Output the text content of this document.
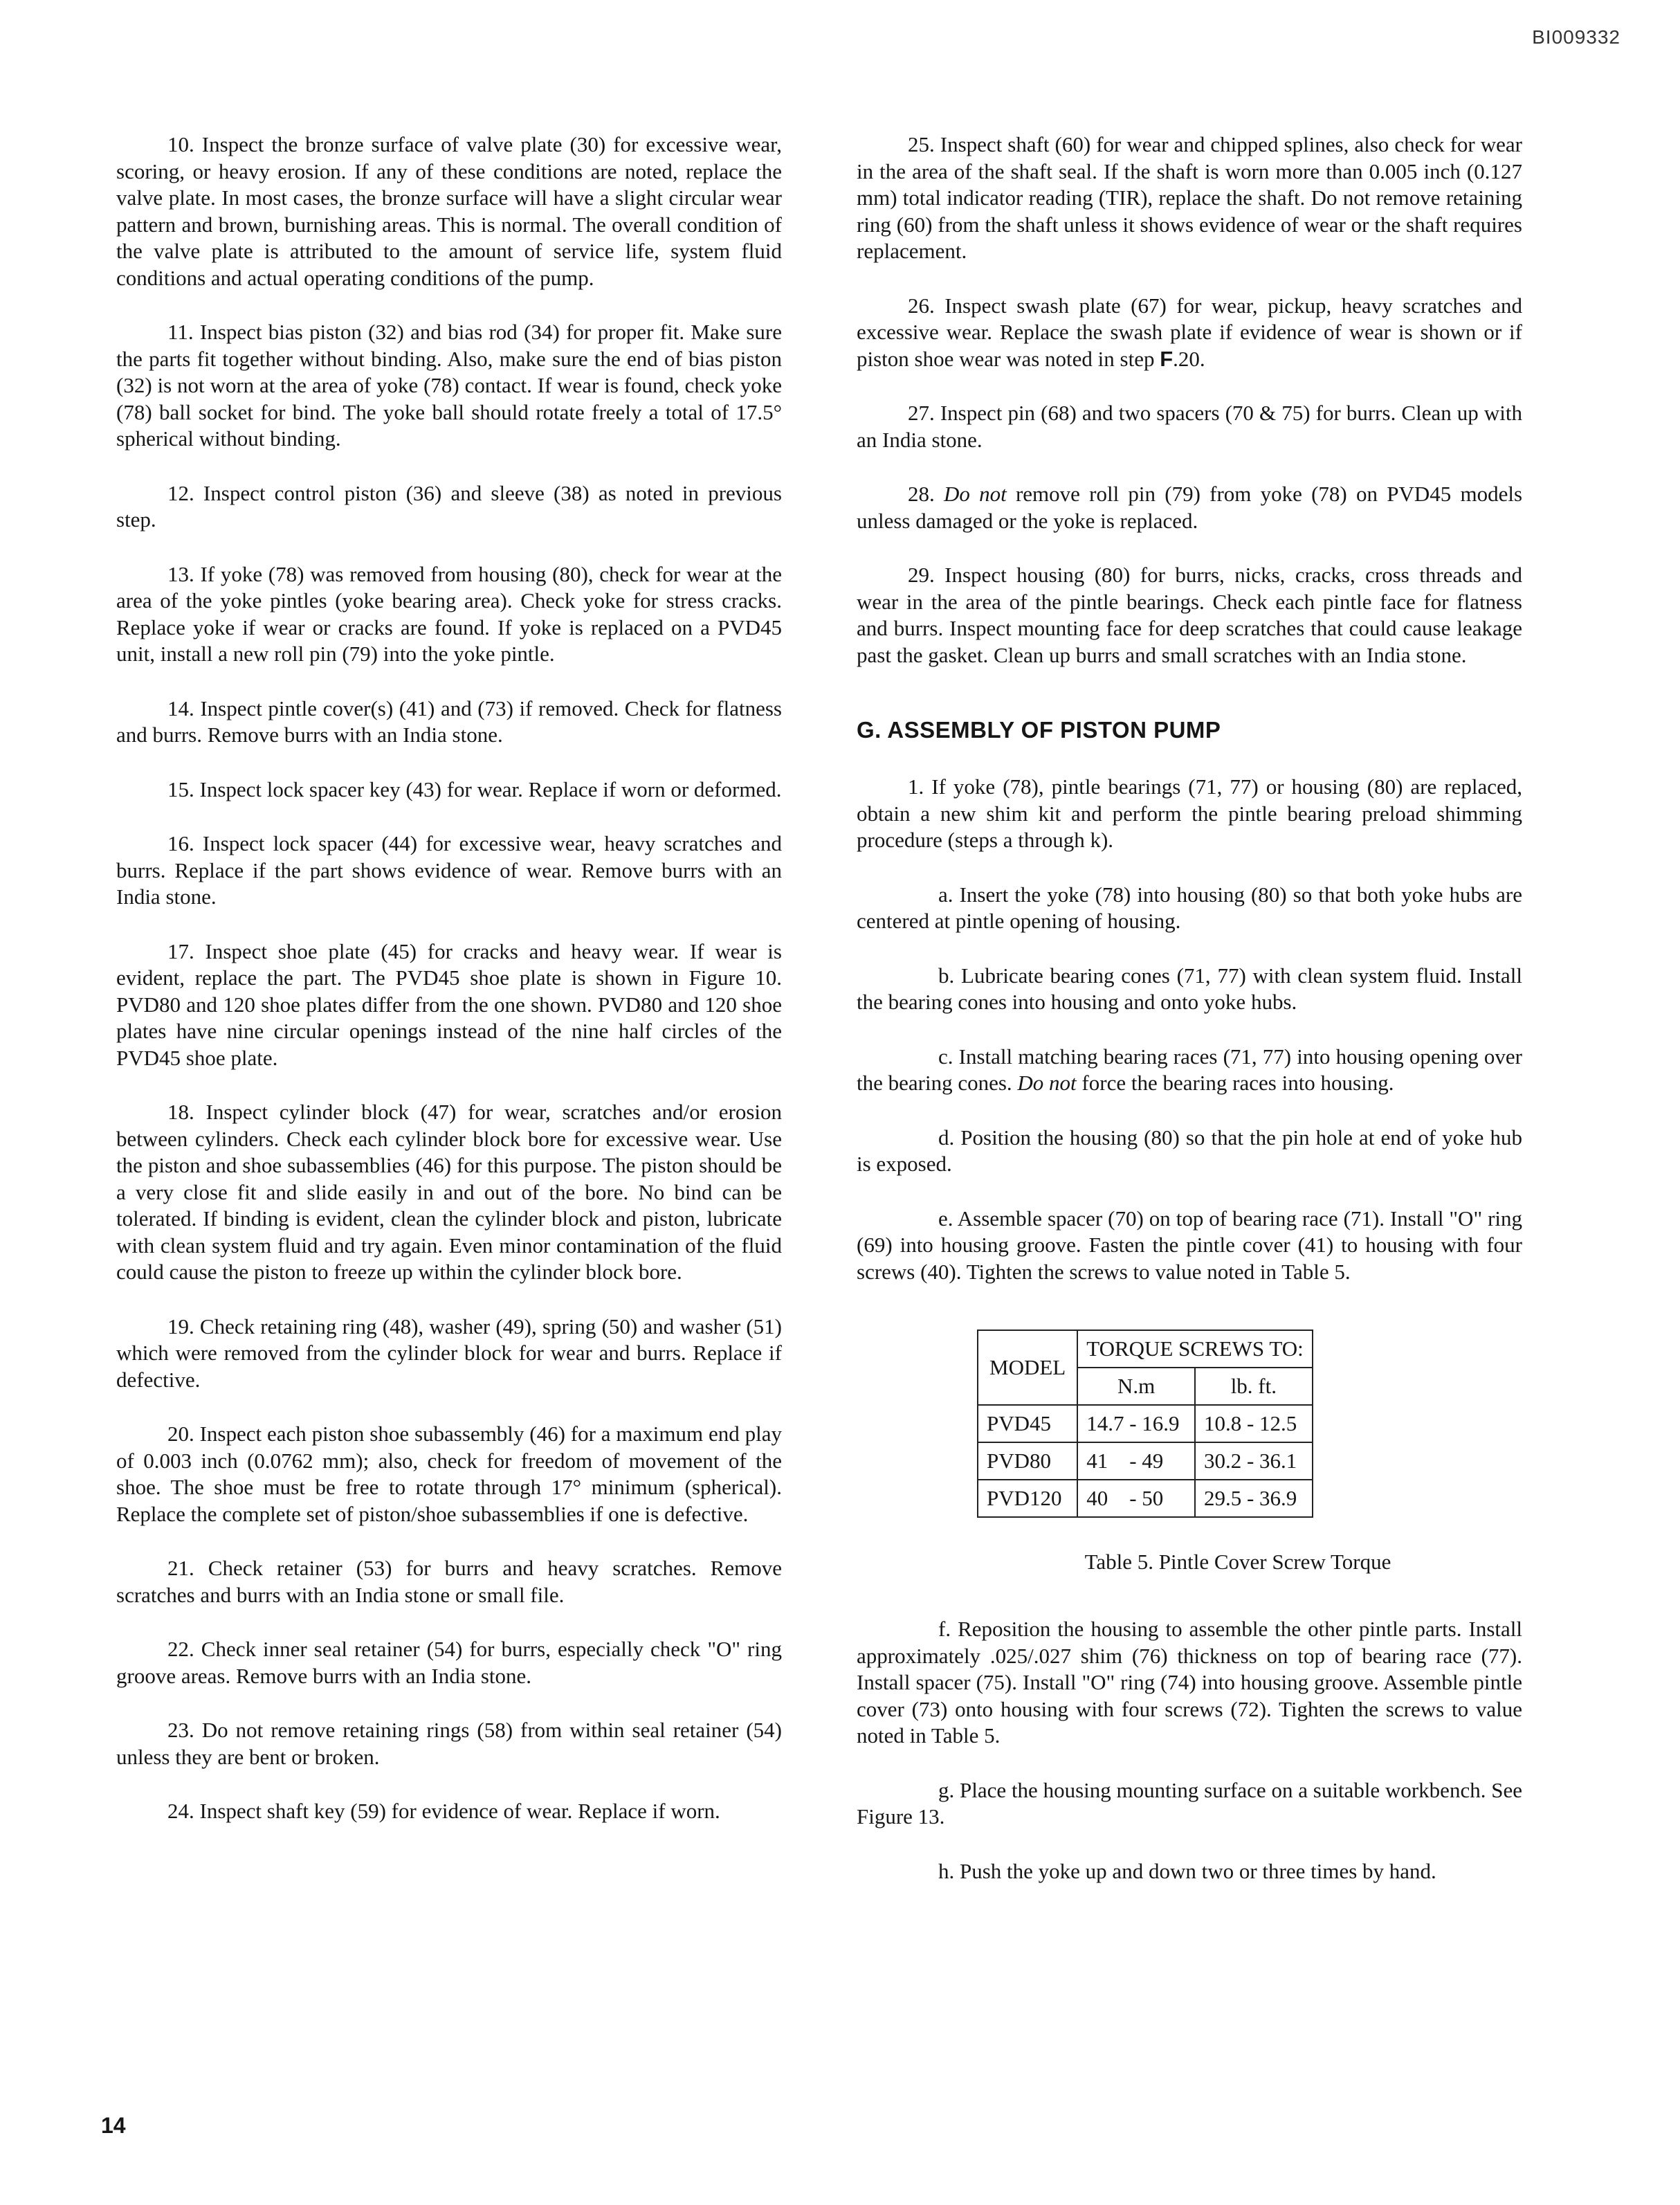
BI009332

10. Inspect the bronze surface of valve plate (30) for excessive wear, scoring, or heavy erosion. If any of these conditions are noted, replace the valve plate. In most cases, the bronze surface will have a slight circular wear pattern and brown, burnishing areas. This is normal. The overall condition of the valve plate is attributed to the amount of service life, system fluid conditions and actual operating conditions of the pump.

11. Inspect bias piston (32) and bias rod (34) for proper fit. Make sure the parts fit together without binding. Also, make sure the end of bias piston (32) is not worn at the area of yoke (78) contact. If wear is found, check yoke (78) ball socket for bind. The yoke ball should rotate freely a total of 17.5° spherical without binding.

12. Inspect control piston (36) and sleeve (38) as noted in previous step.

13. If yoke (78) was removed from housing (80), check for wear at the area of the yoke pintles (yoke bearing area). Check yoke for stress cracks. Replace yoke if wear or cracks are found. If yoke is replaced on a PVD45 unit, install a new roll pin (79) into the yoke pintle.

14. Inspect pintle cover(s) (41) and (73) if removed. Check for flatness and burrs. Remove burrs with an India stone.

15. Inspect lock spacer key (43) for wear. Replace if worn or deformed.

16. Inspect lock spacer (44) for excessive wear, heavy scratches and burrs. Replace if the part shows evidence of wear. Remove burrs with an India stone.

17. Inspect shoe plate (45) for cracks and heavy wear. If wear is evident, replace the part. The PVD45 shoe plate is shown in Figure 10. PVD80 and 120 shoe plates differ from the one shown. PVD80 and 120 shoe plates have nine circular openings instead of the nine half circles of the PVD45 shoe plate.

18. Inspect cylinder block (47) for wear, scratches and/or erosion between cylinders. Check each cylinder block bore for excessive wear. Use the piston and shoe subassemblies (46) for this purpose. The piston should be a very close fit and slide easily in and out of the bore. No bind can be tolerated. If binding is evident, clean the cylinder block and piston, lubricate with clean system fluid and try again. Even minor contamination of the fluid could cause the piston to freeze up within the cylinder block bore.

19. Check retaining ring (48), washer (49), spring (50) and washer (51) which were removed from the cylinder block for wear and burrs. Replace if defective.

20. Inspect each piston shoe subassembly (46) for a maximum end play of 0.003 inch (0.0762 mm); also, check for freedom of movement of the shoe. The shoe must be free to rotate through 17° minimum (spherical). Replace the complete set of piston/shoe subassemblies if one is defective.

21. Check retainer (53) for burrs and heavy scratches. Remove scratches and burrs with an India stone or small file.

22. Check inner seal retainer (54) for burrs, especially check "O" ring groove areas. Remove burrs with an India stone.

23. Do not remove retaining rings (58) from within seal retainer (54) unless they are bent or broken.

24. Inspect shaft key (59) for evidence of wear. Replace if worn.

25. Inspect shaft (60) for wear and chipped splines, also check for wear in the area of the shaft seal. If the shaft is worn more than 0.005 inch (0.127 mm) total indicator reading (TIR), replace the shaft. Do not remove retaining ring (60) from the shaft unless it shows evidence of wear or the shaft requires replacement.

26. Inspect swash plate (67) for wear, pickup, heavy scratches and excessive wear. Replace the swash plate if evidence of wear is shown or if piston shoe wear was noted in step F.20.

27. Inspect pin (68) and two spacers (70 & 75) for burrs. Clean up with an India stone.

28. Do not remove roll pin (79) from yoke (78) on PVD45 models unless damaged or the yoke is replaced.

29. Inspect housing (80) for burrs, nicks, cracks, cross threads and wear in the area of the pintle bearings. Check each pintle face for flatness and burrs. Inspect mounting face for deep scratches that could cause leakage past the gasket. Clean up burrs and small scratches with an India stone.

G. ASSEMBLY OF PISTON PUMP

1. If yoke (78), pintle bearings (71, 77) or housing (80) are replaced, obtain a new shim kit and perform the pintle bearing preload shimming procedure (steps a through k).

a. Insert the yoke (78) into housing (80) so that both yoke hubs are centered at pintle opening of housing.

b. Lubricate bearing cones (71, 77) with clean system fluid. Install the bearing cones into housing and onto yoke hubs.

c. Install matching bearing races (71, 77) into housing opening over the bearing cones. Do not force the bearing races into housing.

d. Position the housing (80) so that the pin hole at end of yoke hub is exposed.

e. Assemble spacer (70) on top of bearing race (71). Install "O" ring (69) into housing groove. Fasten the pintle cover (41) to housing with four screws (40). Tighten the screws to value noted in Table 5.

MODEL	TORQUE SCREWS TO:	
	N.m	lb. ft.
PVD45	14.7 - 16.9	10.8 - 12.5
PVD80	41    - 49	30.2 - 36.1
PVD120	40    - 50	29.5 - 36.9
Table 5. Pintle Cover Screw Torque

f. Reposition the housing to assemble the other pintle parts. Install approximately .025/.027 shim (76) thickness on top of bearing race (77). Install spacer (75). Install "O" ring (74) into housing groove. Assemble pintle cover (73) onto housing with four screws (72). Tighten the screws to value noted in Table 5.

g. Place the housing mounting surface on a suitable workbench. See Figure 13.

h. Push the yoke up and down two or three times by hand.

14
